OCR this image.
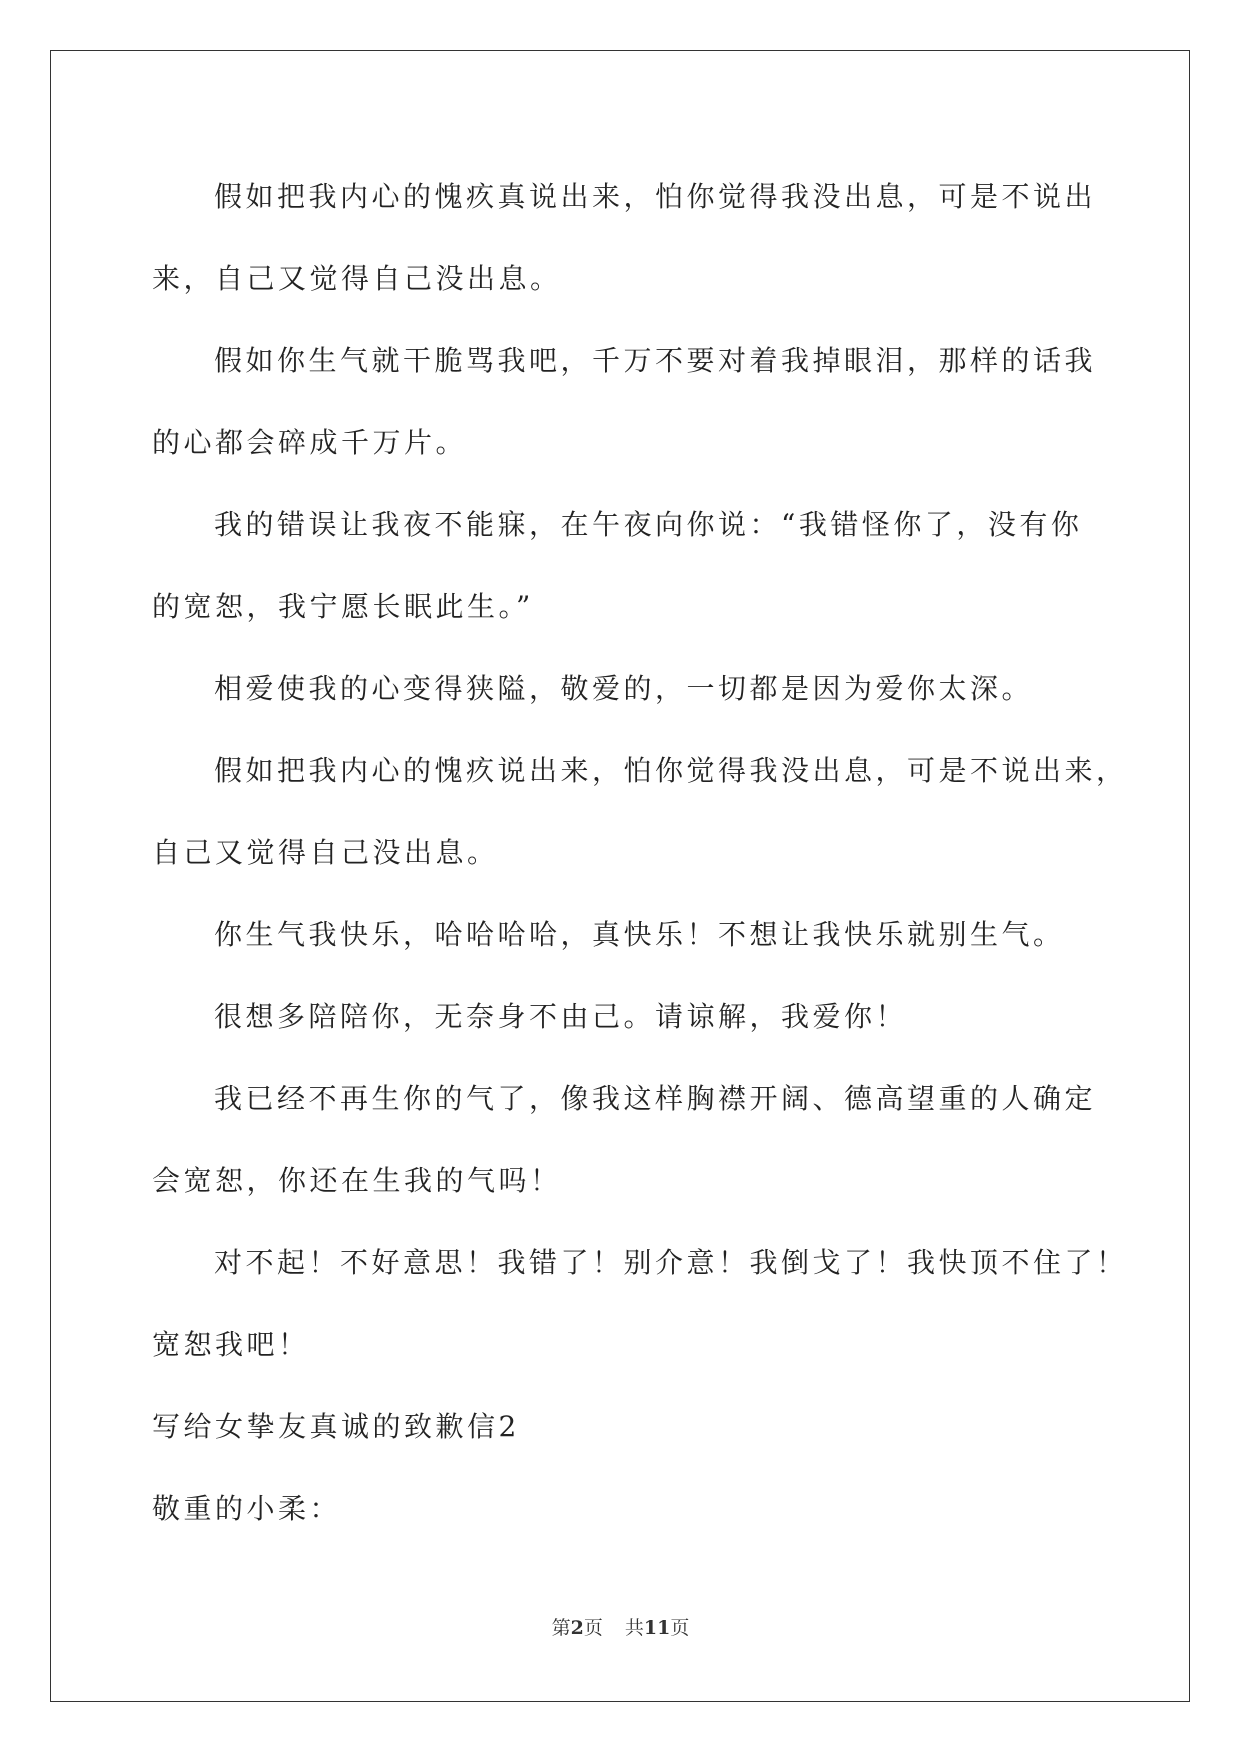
假如把我内心的愧疚真说出来，怕你觉得我没出息，可是不说出
来，自己又觉得自己没出息。
假如你生气就干脆骂我吧，千万不要对着我掉眼泪，那样的话我
的心都会碎成千万片。
我的错误让我夜不能寐，在午夜向你说：“我错怪你了，没有你
的宽恕，我宁愿长眠此生。”
相爱使我的心变得狭隘，敬爱的，一切都是因为爱你太深。
假如把我内心的愧疚说出来，怕你觉得我没出息，可是不说出来，
自己又觉得自己没出息。
你生气我快乐，哈哈哈哈，真快乐！不想让我快乐就别生气。
很想多陪陪你，无奈身不由己。请谅解，我爱你！
我已经不再生你的气了，像我这样胸襟开阔、德高望重的人确定
会宽恕，你还在生我的气吗！
对不起！不好意思！我错了！别介意！我倒戈了！我快顶不住了！
宽恕我吧！
写给女挚友真诚的致歉信2
敬重的小柔：
第2页 共11页
